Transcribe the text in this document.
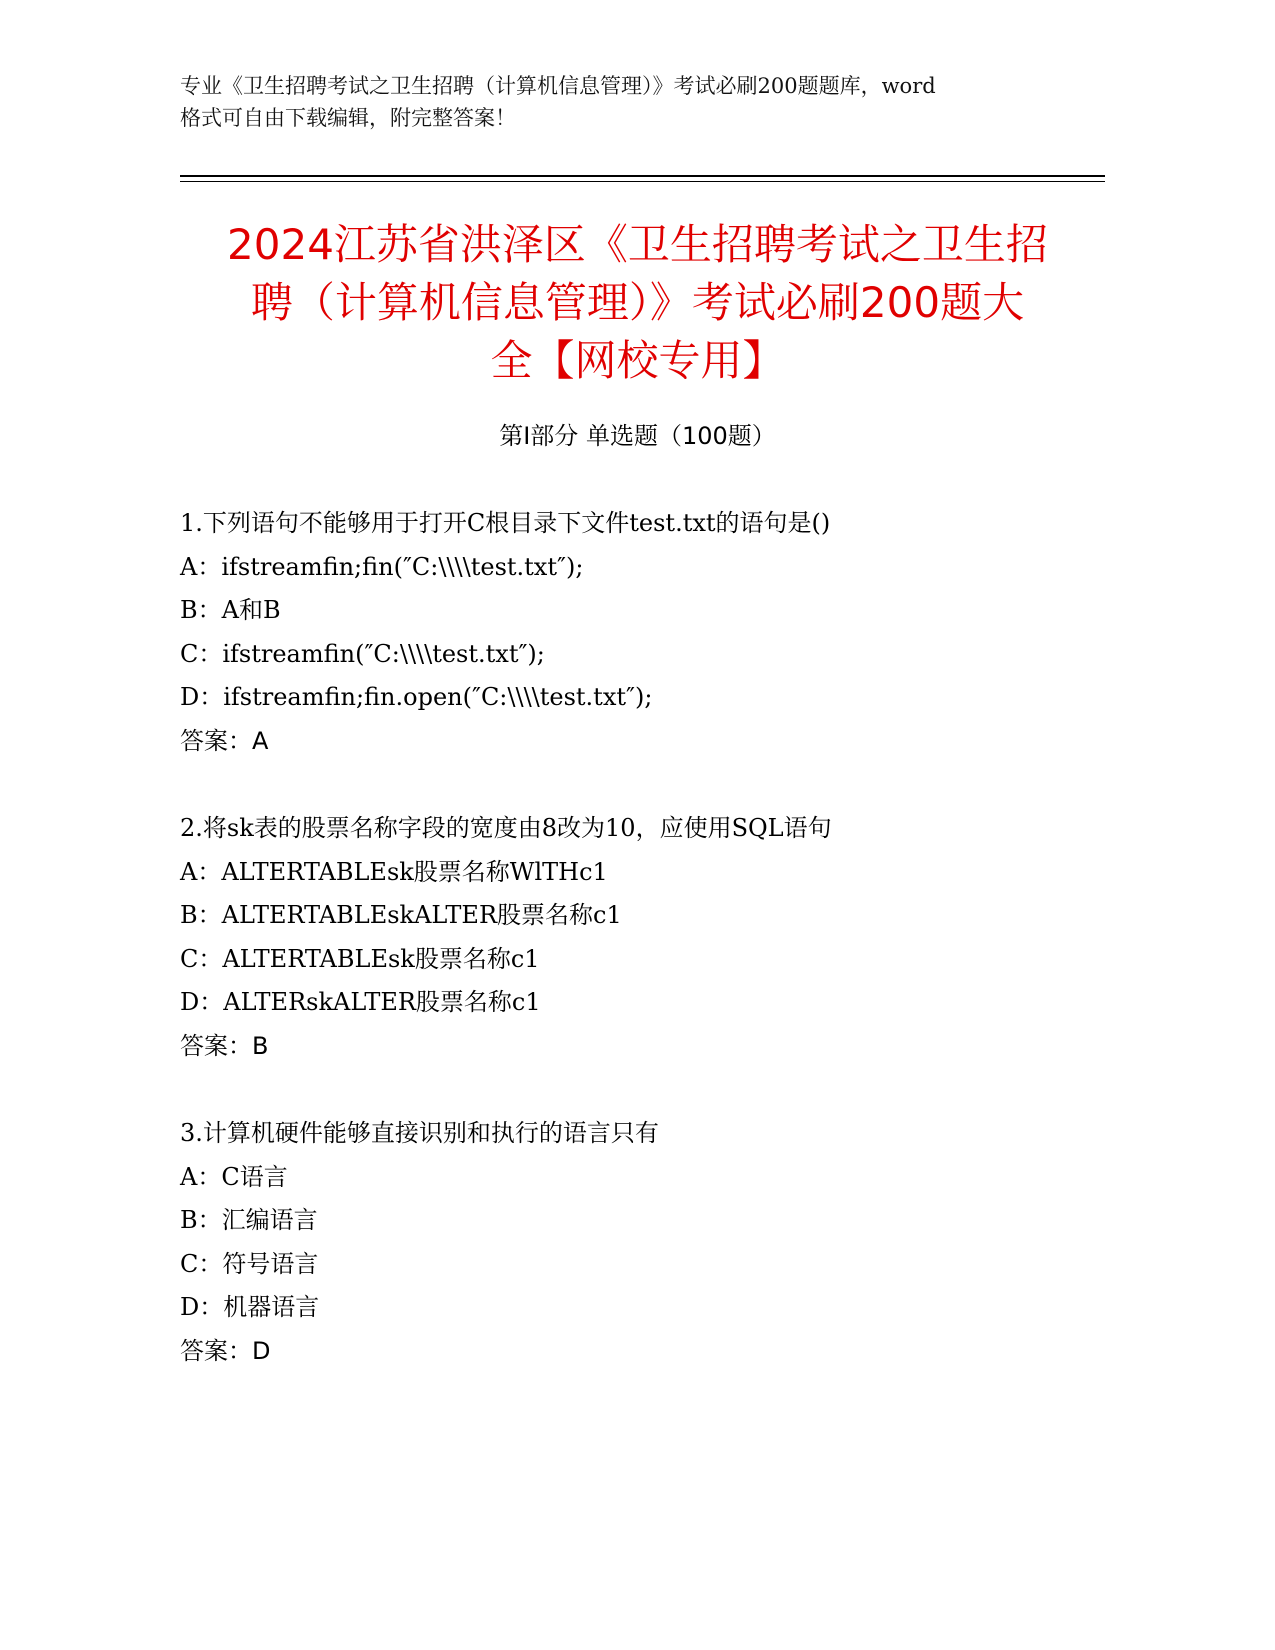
专业《卫生招聘考试之卫生招聘（计算机信息管理）》考试必刷200题题库，word
格式可自由下载编辑，附完整答案！
2024江苏省洪泽区《卫生招聘考试之卫生招
聘（计算机信息管理）》考试必刷200题大
全【网校专用】
第Ⅰ部分 单选题（100题）
1.下列语句不能够用于打开C根目录下文件test.txt的语句是()
A：ifstreamfin;fin(″C:\\\\test.txt″);
B：A和B
C：ifstreamfin(″C:\\\\test.txt″);
D：ifstreamfin;fin.open(″C:\\\\test.txt″);
答案：A
2.将sk表的股票名称字段的宽度由8改为10，应使用SQL语句
A：ALTERTABLEsk股票名称WlTHc1
B：ALTERTABLEskALTER股票名称c1
C：ALTERTABLEsk股票名称c1
D：ALTERskALTER股票名称c1
答案：B
3.计算机硬件能够直接识别和执行的语言只有
A：C语言
B：汇编语言
C：符号语言
D：机器语言
答案：D
